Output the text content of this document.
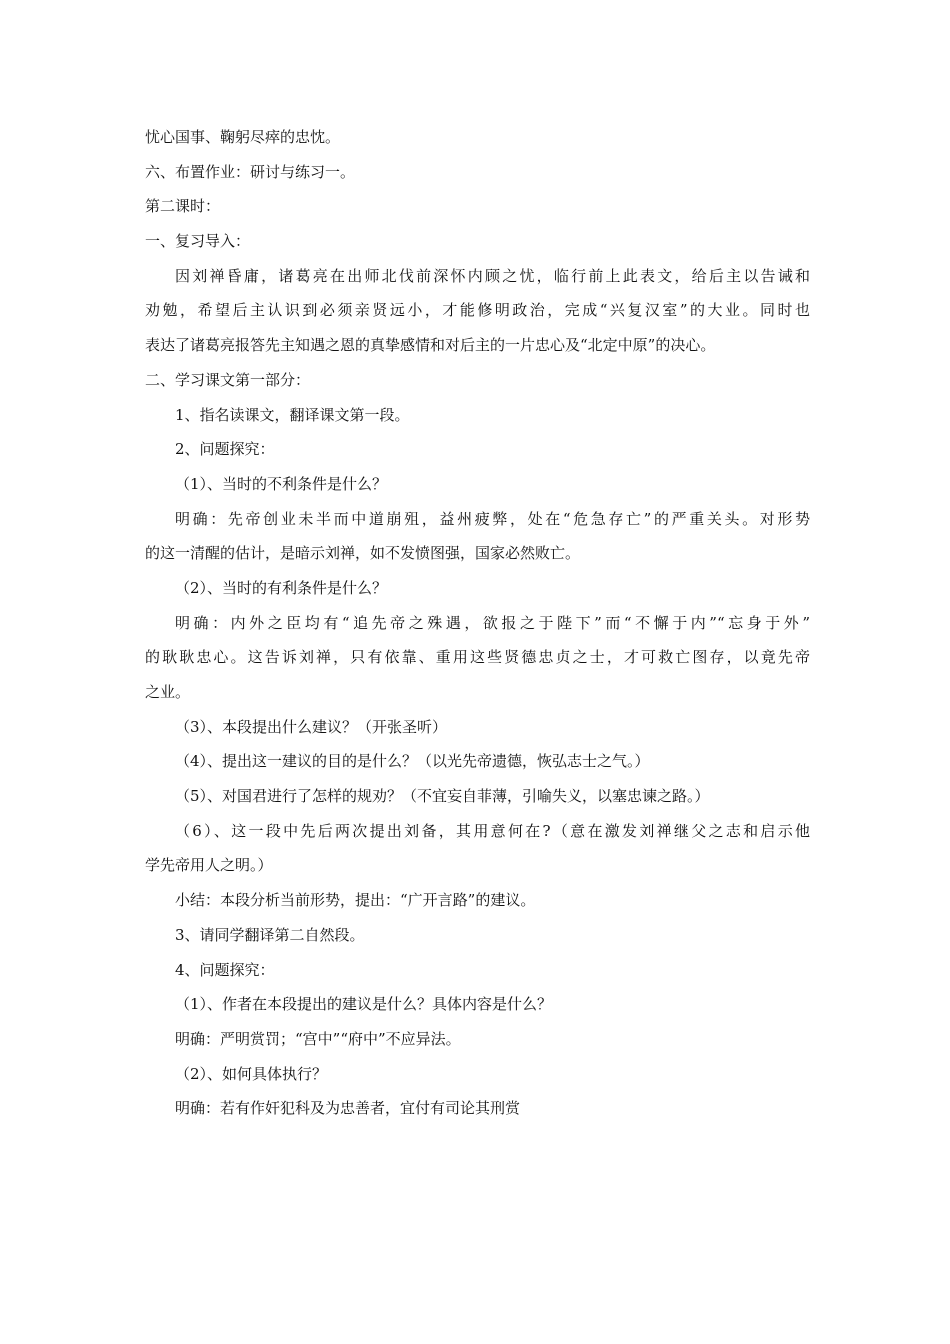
忧心国事、鞠躬尽瘁的忠忱。
六、布置作业：研讨与练习一。
第二课时：
一、复习导入：
因刘禅昏庸，诸葛亮在出师北伐前深怀内顾之忧，临行前上此表文，给后主以告诫和
劝勉，希望后主认识到必须亲贤远小，才能修明政治，完成“兴复汉室”的大业。同时也
表达了诸葛亮报答先主知遇之恩的真挚感情和对后主的一片忠心及“北定中原”的决心。
二、学习课文第一部分：
1、指名读课文，翻译课文第一段。
2、问题探究：
（1）、当时的不利条件是什么？
明确：先帝创业未半而中道崩殂，益州疲弊，处在“危急存亡”的严重关头。对形势
的这一清醒的估计，是暗示刘禅，如不发愤图强，国家必然败亡。
（2）、当时的有利条件是什么？
明确：内外之臣均有“追先帝之殊遇，欲报之于陛下”而“不懈于内”“忘身于外”
的耿耿忠心。这告诉刘禅，只有依靠、重用这些贤德忠贞之士，才可救亡图存，以竟先帝
之业。
（3）、本段提出什么建议？（开张圣听）
（4）、提出这一建议的目的是什么？（以光先帝遗德，恢弘志士之气。）
（5）、对国君进行了怎样的规劝？（不宜妄自菲薄，引喻失义，以塞忠谏之路。）
（6）、这一段中先后两次提出刘备，其用意何在?（意在激发刘禅继父之志和启示他
学先帝用人之明。）
小结：本段分析当前形势，提出：“广开言路”的建议。
3、请同学翻译第二自然段。
4、问题探究：
（1）、作者在本段提出的建议是什么？具体内容是什么？
明确：严明赏罚；“宫中”“府中”不应异法。
（2）、如何具体执行？
明确：若有作奸犯科及为忠善者，宜付有司论其刑赏
